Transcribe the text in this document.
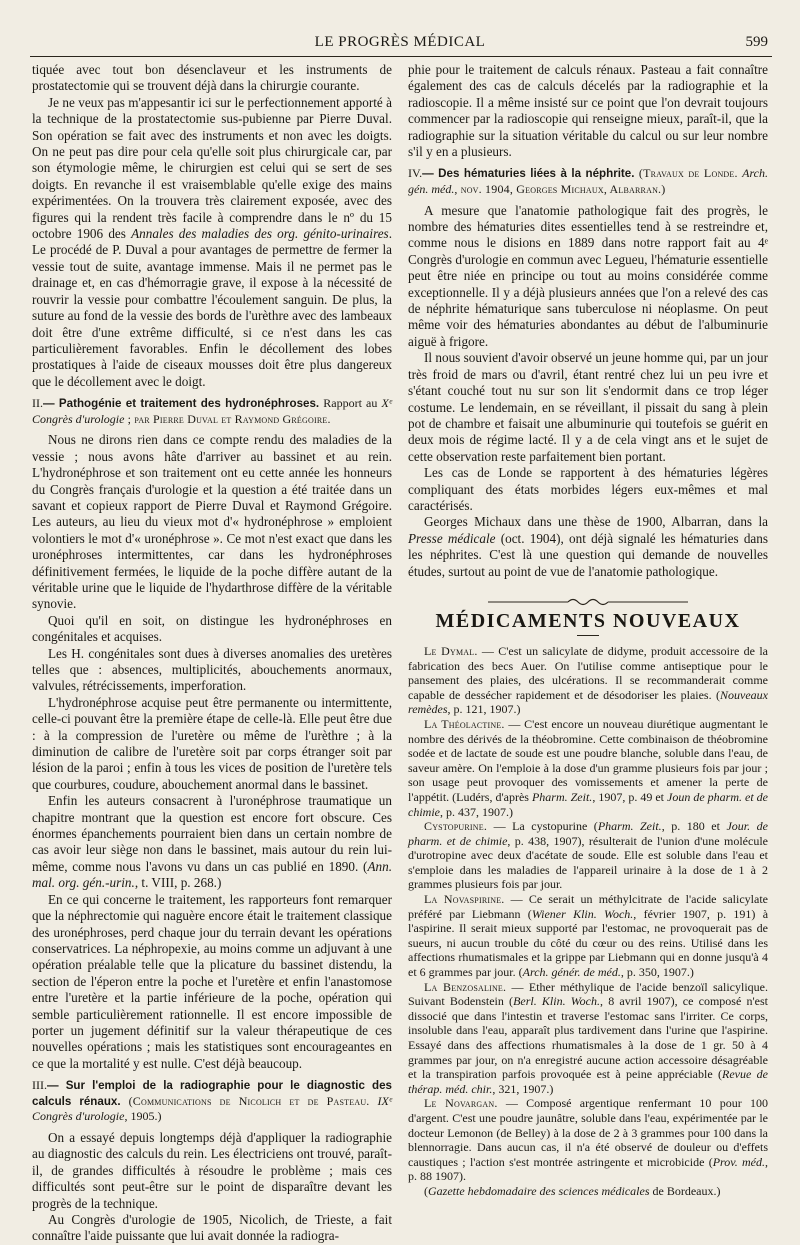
LE PROGRÈS MÉDICAL	599

tiquée avec tout bon désenclaveur et les instruments de prostatectomie qui se trouvent déjà dans la chirurgie courante.

Je ne veux pas m'appesantir ici sur le perfectionnement apporté à la technique de la prostatectomie sus-pubienne par Pierre Duval. Son opération se fait avec des instruments et non avec les doigts. On ne peut pas dire pour cela qu'elle soit plus chirurgicale car, par son étymologie même, le chirurgien est celui qui se sert de ses doigts. En revanche il est vraisemblable qu'elle exige des mains expérimentées. On la trouvera très clairement exposée, avec des figures qui la rendent très facile à comprendre dans le nº du 15 octobre 1906 des Annales des maladies des org. génito-urinaires. Le procédé de P. Duval a pour avantages de permettre de fermer la vessie tout de suite, avantage immense. Mais il ne permet pas le drainage et, en cas d'hémorragie grave, il expose à la nécessité de rouvrir la vessie pour combattre l'écoulement sanguin. De plus, la suture au fond de la vessie des bords de l'urèthre avec des lambeaux doit être d'une extrême difficulté, si ce n'est dans les cas particulièrement favorables. Enfin le décollement des lobes prostatiques à l'aide de ciseaux mousses doit être plus dangereux que le décollement avec le doigt.

II.— Pathogénie et traitement des hydronéphroses. Rapport au Xᵉ Congrès d'urologie ; par Pierre Duval et Raymond Grégoire.

Nous ne dirons rien dans ce compte rendu des maladies de la vessie ; nous avons hâte d'arriver au bassinet et au rein. L'hydronéphrose et son traitement ont eu cette année les honneurs du Congrès français d'urologie et la question a été traitée dans un savant et copieux rapport de Pierre Duval et Raymond Grégoire. Les auteurs, au lieu du vieux mot d'« hydronéphrose » emploient volontiers le mot d'« uronéphrose ». Ce mot n'est exact que dans les uronéphroses intermittentes, car dans les hydronéphroses définitivement fermées, le liquide de la poche diffère autant de la véritable urine que le liquide de l'hydarthrose diffère de la véritable synovie.

Quoi qu'il en soit, on distingue les hydronéphroses en congénitales et acquises.

Les H. congénitales sont dues à diverses anomalies des uretères telles que : absences, multiplicités, abouchements anormaux, valvules, rétrécissements, imperforation.

L'hydronéphrose acquise peut être permanente ou intermittente, celle-ci pouvant être la première étape de celle-là. Elle peut être due : à la compression de l'uretère ou même de l'urèthre ; à la diminution de calibre de l'uretère soit par corps étranger soit par lésion de la paroi ; enfin à tous les vices de position de l'uretère tels que courbures, coudure, abouchement anormal dans le bassinet.

Enfin les auteurs consacrent à l'uronéphrose traumatique un chapitre montrant que la question est encore fort obscure. Ces énormes épanchements pourraient bien dans un certain nombre de cas avoir leur siège non dans le bassinet, mais autour du rein lui-même, comme nous l'avons vu dans un cas publié en 1890. (Ann. mal. org. gén.-urin., t. VIII, p. 268.)

En ce qui concerne le traitement, les rapporteurs font remarquer que la néphrectomie qui naguère encore était le traitement classique des uronéphroses, perd chaque jour du terrain devant les opérations conservatrices. La néphropexie, au moins comme un adjuvant à une opération préalable telle que la plicature du bassinet distendu, la section de l'éperon entre la poche et l'uretère et enfin l'anastomose entre l'uretère et la partie inférieure de la poche, opération qui semble particulièrement rationnelle. Il est encore impossible de porter un jugement définitif sur la valeur thérapeutique de ces nouvelles opérations ; mais les statistiques sont encourageantes en ce que la mortalité y est nulle. C'est déjà beaucoup.

III.— Sur l'emploi de la radiographie pour le diagnostic des calculs rénaux. (Communications de Nicolich et de Pasteau. IXᵉ Congrès d'urologie, 1905.)

On a essayé depuis longtemps déjà d'appliquer la radiographie au diagnostic des calculs du rein. Les électriciens ont trouvé, paraît-il, de grandes difficultés à résoudre le problème ; mais ces difficultés sont peut-être sur le point de disparaître devant les progrès de la technique.

Au Congrès d'urologie de 1905, Nicolich, de Trieste, a fait connaître l'aide puissante que lui avait donnée la radiogra-

phie pour le traitement de calculs rénaux. Pasteau a fait connaître également des cas de calculs décelés par la radiographie et la radioscopie. Il a même insisté sur ce point que l'on devrait toujours commencer par la radioscopie qui renseigne mieux, paraît-il, que la radiographie sur la situation véritable du calcul ou sur leur nombre s'il y en a plusieurs.

IV.— Des hématuries liées à la néphrite. (Travaux de Londe. Arch. gén. méd., nov. 1904, Georges Michaux, Albarran.)

A mesure que l'anatomie pathologique fait des progrès, le nombre des hématuries dites essentielles tend à se restreindre et, comme nous le disions en 1889 dans notre rapport fait au 4ᵉ Congrès d'urologie en commun avec Legueu, l'hématurie essentielle peut être niée en principe ou tout au moins considérée comme exceptionnelle. Il y a déjà plusieurs années que l'on a relevé des cas de néphrite hématurique sans tuberculose ni néoplasme. On peut même voir des hématuries abondantes au début de l'albuminurie aiguë à frigore.

Il nous souvient d'avoir observé un jeune homme qui, par un jour très froid de mars ou d'avril, étant rentré chez lui un peu ivre et s'étant couché tout nu sur son lit s'endormit dans ce trop léger costume. Le lendemain, en se réveillant, il pissait du sang à plein pot de chambre et faisait une albuminurie qui toutefois se guérit en deux mois de régime lacté. Il y a de cela vingt ans et le sujet de cette observation reste parfaitement bien portant.

Les cas de Londe se rapportent à des hématuries légères compliquant des états morbides légers eux-mêmes et mal caractérisés.

Georges Michaux dans une thèse de 1900, Albarran, dans la Presse médicale (oct. 1904), ont déjà signalé les hématuries dans les néphrites. C'est là une question qui demande de nouvelles études, surtout au point de vue de l'anatomie pathologique.

MÉDICAMENTS NOUVEAUX

Le Dymal. — C'est un salicylate de didyme, produit accessoire de la fabrication des becs Auer. On l'utilise comme antiseptique pour le pansement des plaies, des ulcérations. Il se recommanderait comme capable de dessécher rapidement et de désodoriser les plaies. (Nouveaux remèdes, p. 121, 1907.)

La Théolactine. — C'est encore un nouveau diurétique augmentant le nombre des dérivés de la théobromine. Cette combinaison de théobromine sodée et de lactate de soude est une poudre blanche, soluble dans l'eau, de saveur amère. On l'emploie à la dose d'un gramme plusieurs fois par jour ; son usage peut provoquer des vomissements et amener la perte de l'appétit. (Ludérs, d'après Pharm. Zeit., 1907, p. 49 et Joun de pharm. et de chimie, p. 437, 1907.)

Cystopurine. — La cystopurine (Pharm. Zeit., p. 180 et Jour. de pharm. et de chimie, p. 438, 1907), résulterait de l'union d'une molécule d'urotropine avec deux d'acétate de soude. Elle est soluble dans l'eau et s'emploie dans les maladies de l'appareil urinaire à la dose de 1 à 2 grammes plusieurs fois par jour.

La Novaspirine. — Ce serait un méthylcitrate de l'acide salicylate préféré par Liebmann (Wiener Klin. Woch., février 1907, p. 191) à l'aspirine. Il serait mieux supporté par l'estomac, ne provoquerait pas de sueurs, ni aucun trouble du côté du cœur ou des reins. Utilisé dans les affections rhumatismales et la grippe par Liebmann qui en donne jusqu'à 4 et 6 grammes par jour. (Arch. génér. de méd., p. 350, 1907.)

La Benzosaline. — Ether méthylique de l'acide benzoïl salicylique. Suivant Bodenstein (Berl. Klin. Woch., 8 avril 1907), ce composé n'est dissocié que dans l'intestin et traverse l'estomac sans l'irriter. Ce corps, insoluble dans l'eau, apparaît plus tardivement dans l'urine que l'aspirine. Essayé dans des affections rhumatismales à la dose de 1 gr. 50 à 4 grammes par jour, on n'a enregistré aucune action accessoire désagréable et la transpiration parfois provoquée est à peine appréciable (Revue de thérap. méd. chir., 321, 1907.)

Le Novargan. — Composé argentique renfermant 10 pour 100 d'argent. C'est une poudre jaunâtre, soluble dans l'eau, expérimentée par le docteur Lemonon (de Belley) à la dose de 2 à 3 grammes pour 100 dans la blennorragie. Dans aucun cas, il n'a été observé de douleur ou d'effets caustiques ; l'action s'est montrée astringente et microbicide (Prov. méd., p. 88 1907).

(Gazette hebdomadaire des sciences médicales de Bordeaux.)
